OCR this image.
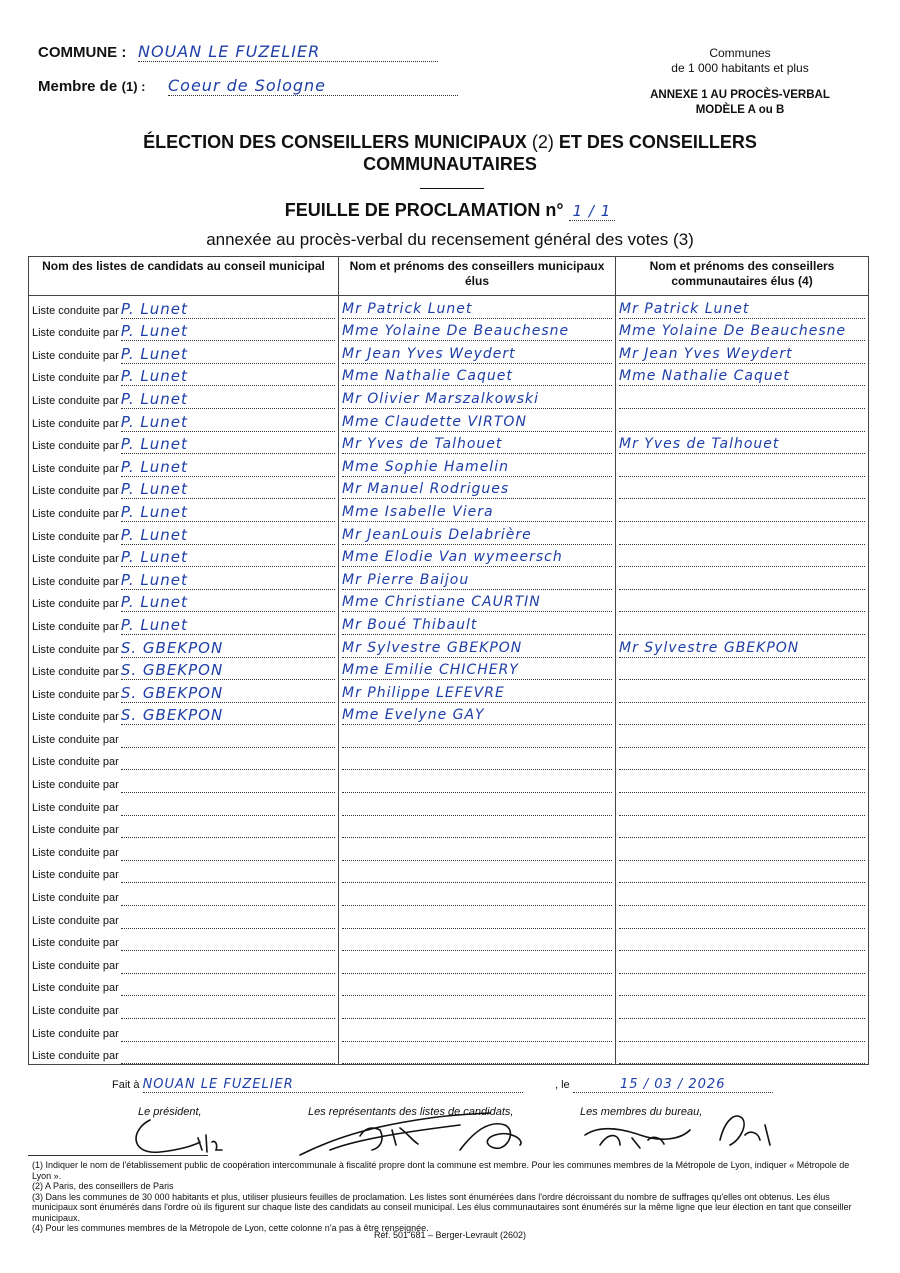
COMMUNE : NOUAN LE FUZELIER
Membre de (1) : Coeur de Sologne
Communes
de 1 000 habitants et plus
ANNEXE 1 AU PROCÈS-VERBAL
MODÈLE A ou B
ÉLECTION DES CONSEILLERS MUNICIPAUX (2) ET DES CONSEILLERS
COMMUNAUTAIRES
FEUILLE DE PROCLAMATION n° 1 / 1
annexée au procès-verbal du recensement général des votes (3)
Nom des listes de candidats au conseil municipal	Nom et prénoms des conseillers municipaux élus	Nom et prénoms des conseillers communautaires élus (4)

Liste conduite par P. Lunet	Mr Patrick Lunet	Mr Patrick Lunet

Liste conduite par P. Lunet	Mme Yolaine De Beauchesne	Mme Yolaine De Beauchesne

Liste conduite par P. Lunet	Mr Jean Yves Weydert	Mr Jean Yves Weydert

Liste conduite par P. Lunet	Mme Nathalie Caquet	Mme Nathalie Caquet

Liste conduite par P. Lunet	Mr Olivier Marszalkowski	

Liste conduite par P. Lunet	Mme Claudette VIRTON	

Liste conduite par P. Lunet	Mr Yves de Talhouet	Mr Yves de Talhouet

Liste conduite par P. Lunet	Mme Sophie Hamelin	

Liste conduite par P. Lunet	Mr Manuel Rodrigues	

Liste conduite par P. Lunet	Mme Isabelle Viera	

Liste conduite par P. Lunet	Mr JeanLouis Delabrière	

Liste conduite par P. Lunet	Mme Elodie Van wymeersch	

Liste conduite par P. Lunet	Mr Pierre Baijou	

Liste conduite par P. Lunet	Mme Christiane CAURTIN	

Liste conduite par P. Lunet	Mr Boué Thibault	

Liste conduite par S. GBEKPON	Mr Sylvestre GBEKPON	Mr Sylvestre GBEKPON

Liste conduite par S. GBEKPON	Mme Emilie CHICHERY	

Liste conduite par S. GBEKPON	Mr Philippe LEFEVRE	

Liste conduite par S. GBEKPON	Mme Evelyne GAY	

Liste conduite par		

Liste conduite par		

Liste conduite par		

Liste conduite par		

Liste conduite par		

Liste conduite par		

Liste conduite par		

Liste conduite par		

Liste conduite par		

Liste conduite par		

Liste conduite par		

Liste conduite par		

Liste conduite par		

Liste conduite par		

Liste conduite par		

Fait à NOUAN LE FUZELIER	, le	15 / 03 / 2026
Le président,	Les représentants des listes de candidats,	Les membres du bureau,
(1) Indiquer le nom de l'établissement public de coopération intercommunale à fiscalité propre dont la commune est membre. Pour les communes membres de la Métropole de Lyon, indiquer « Métropole de Lyon ».
(2) A Paris, des conseillers de Paris
(3) Dans les communes de 30 000 habitants et plus, utiliser plusieurs feuilles de proclamation. Les listes sont énumérées dans l'ordre décroissant du nombre de suffrages qu'elles ont obtenus. Les élus municipaux sont énumérés dans l'ordre où ils figurent sur chaque liste des candidats au conseil municipal. Les élus communautaires sont énumérés sur la même ligne que leur élection en tant que conseiller municipaux.
(4) Pour les communes membres de la Métropole de Lyon, cette colonne n'a pas à être renseignée.
Réf. 501 681 – Berger-Levrault (2602)
